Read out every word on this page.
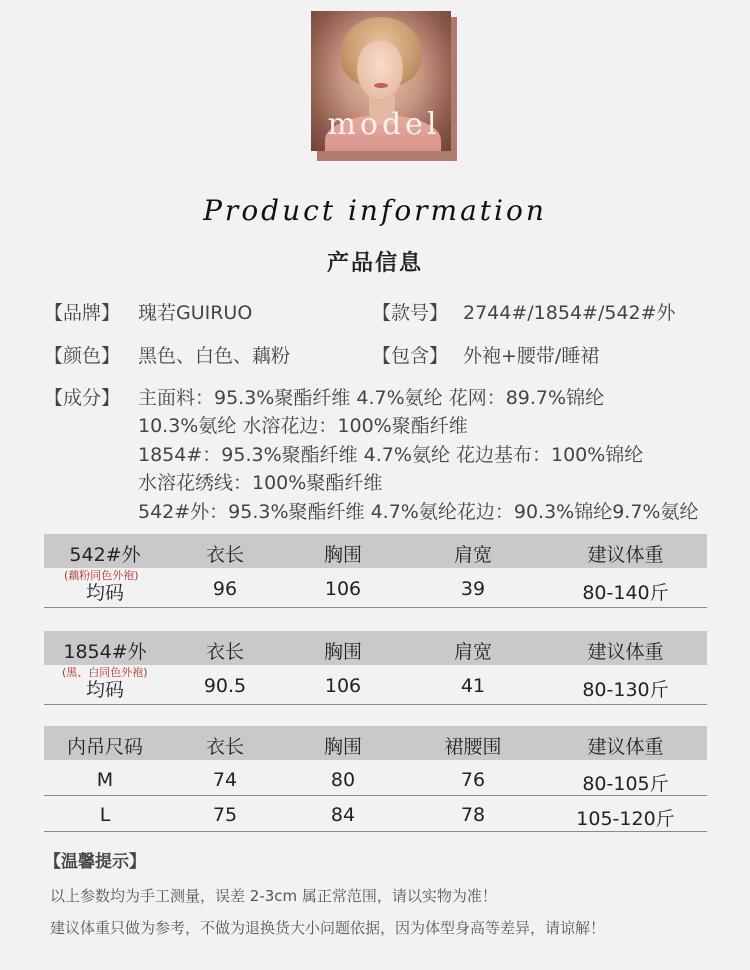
model
Product information
产品信息
【品牌】 瑰若GUIRUO	【款号】 2744#/1854#/542#外
【颜色】 黑色、白色、藕粉	【包含】 外袍+腰带/睡裙
【成分】 主面料：95.3%聚酯纤维 4.7%氨纶 花网：89.7%锦纶
10.3%氨纶 水溶花边：100%聚酯纤维
1854#：95.3%聚酯纤维 4.7%氨纶 花边基布：100%锦纶
水溶花绣线：100%聚酯纤维
542#外：95.3%聚酯纤维 4.7%氨纶花边：90.3%锦纶9.7%氨纶
542#外	衣长	胸围	肩宽	建议体重
(藕粉同色外袍)
均码	96	106	39	80-140斤
1854#外	衣长	胸围	肩宽	建议体重
(黑、白同色外袍)
均码	90.5	106	41	80-130斤
内吊尺码	衣长	胸围	裙腰围	建议体重
M	74	80	76	80-105斤
L	75	84	78	105-120斤
【温馨提示】
以上参数均为手工测量，误差 2-3cm 属正常范围，请以实物为准！
建议体重只做为参考，不做为退换货大小问题依据，因为体型身高等差异，请谅解！
